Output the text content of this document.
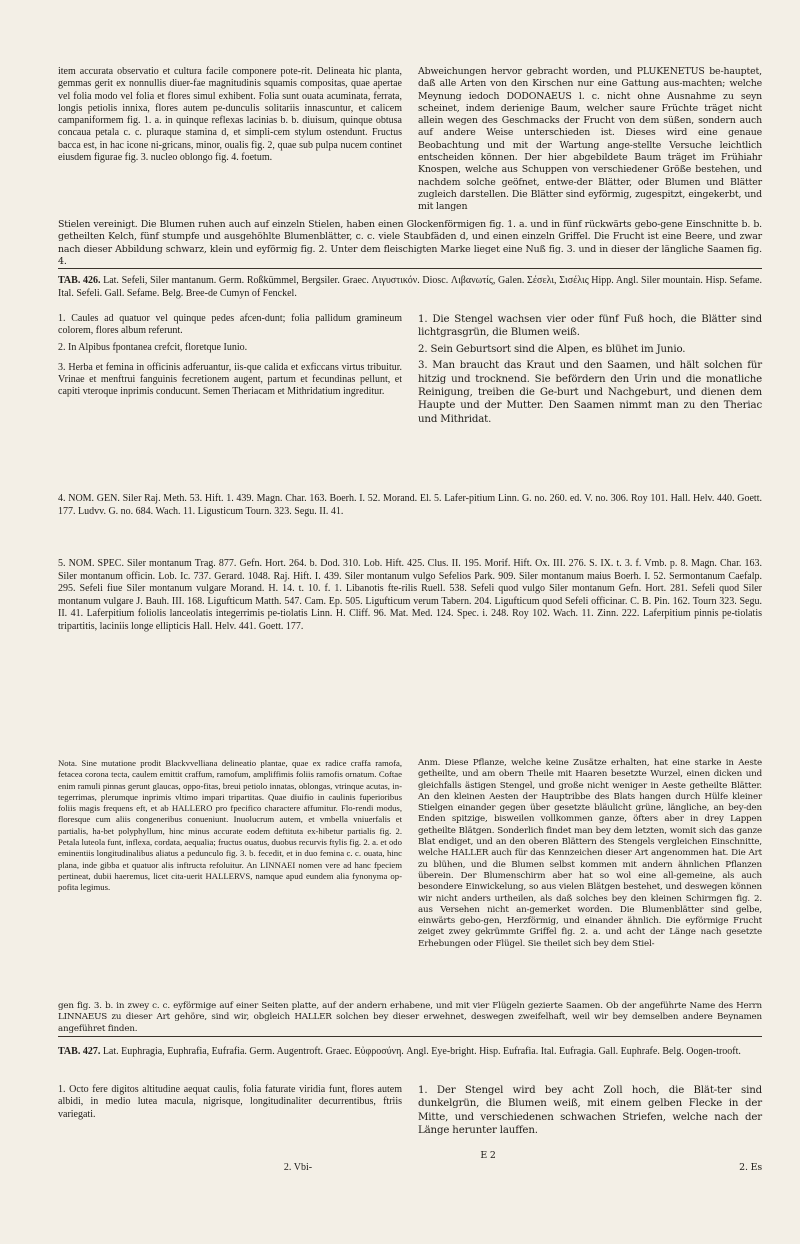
item accurata observatio et cultura facile componere pote-rit. Delineata hic planta, gemmas gerit ex nonnullis diuer-fae magnitudinis squamis compositas, quae apertae vel folia modo vel folia et flores simul exhibent. Folia sunt ouata acuminata, ferrata, longis petiolis innixa, flores autem pe-dunculis solitariis innascuntur, et calicem campaniformem fig. 1. a. in quinque reflexas lacinias b. b. diuisum, quinque obtusa concaua petala c. c. pluraque stamina d, et simpli-cem stylum ostendunt. Fructus bacca est, in hac icone ni-gricans, minor, oualis fig. 2, quae sub pulpa nucem continet eiusdem figurae fig. 3. nucleo oblongo fig. 4. foetum.
Abweichungen hervor gebracht worden, und PLUKENETUS be-hauptet, daß alle Arten von den Kirschen nur eine Gattung aus-machten; welche Meynung iedoch DODONAEUS l. c. nicht ohne Ausnahme zu seyn scheinet, indem derienige Baum, welcher saure Früchte träget nicht allein wegen des Geschmacks der Frucht von dem süßen, sondern auch auf andere Weise unterschieden ist. Dieses wird eine genaue Beobachtung und mit der Wartung ange-stellte Versuche leichtlich entscheiden können. Der hier abgebildete Baum träget im Frühiahr Knospen, welche aus Schuppen von verschiedener Größe bestehen, und nachdem solche geöfnet, entwe-der Blätter, oder Blumen und Blätter zugleich darstellen. Die Blätter sind eyförmig, zugespitzt, eingekerbt, und mit langen
Stielen vereinigt. Die Blumen ruhen auch auf einzeln Stielen, haben einen Glockenförmigen fig. 1. a. und in fünf rückwärts gebo-gene Einschnitte b. b. getheilten Kelch, fünf stumpfe und ausgehöhlte Blumenblätter, c. c. viele Staubfäden d, und einen einzeln Griffel. Die Frucht ist eine Beere, und zwar nach dieser Abbildung schwarz, klein und eyförmig fig. 2. Unter dem fleischigten Marke lieget eine Nuß fig. 3. und in dieser der längliche Saamen fig. 4.
TAB. 426. Lat. Sefeli, Siler mantanum. Germ. Roßkümmel, Bergsiler. Graec. Λιγυστικόν. Diosc. Λιβανωτίς, Galen. Σέσελι, Σισέλις Hipp. Angl. Siler mountain. Hisp. Sefame. Ital. Sefeli. Gall. Sefame. Belg. Bree-de Cumyn of Fenckel.

1. Caules ad quatuor vel quinque pedes afcen-dunt; folia pallidum gramineum colorem, flores album referunt.

2. In Alpibus fpontanea crefcit, floretque Iunio.

3. Herba et femina in officinis adferuantur, iis-que calida et exficcans virtus tribuitur. Vrinae et menftrui fanguinis fecretionem augent, partum et fecundinas pellunt, et capiti vteroque inprimis conducunt. Semen Theriacam et Mithridatium ingreditur.

1. Die Stengel wachsen vier oder fünf Fuß hoch, die Blätter sind lichtgrasgrün, die Blumen weiß.

2. Sein Geburtsort sind die Alpen, es blühet im Junio.

3. Man braucht das Kraut und den Saamen, und hält solchen für hitzig und trocknend. Sie befördern den Urin und die monatliche Reinigung, treiben die Ge-burt und Nachgeburt, und dienen dem Haupte und der Mutter. Den Saamen nimmt man zu den Theriac und Mithridat.

4. NOM. GEN. Siler Raj. Meth. 53. Hift. 1. 439. Magn. Char. 163. Boerh. I. 52. Morand. El. 5. Lafer-pitium Linn. G. no. 260. ed. V. no. 306. Roy 101. Hall. Helv. 440. Goett. 177. Ludvv. G. no. 684. Wach. 11. Ligusticum Tourn. 323. Segu. II. 41.
5. NOM. SPEC. Siler montanum Trag. 877. Gefn. Hort. 264. b. Dod. 310. Lob. Hift. 425. Clus. II. 195. Morif. Hift. Ox. III. 276. S. IX. t. 3. f. Vmb. p. 8. Magn. Char. 163. Siler montanum officin. Lob. Ic. 737. Gerard. 1048. Raj. Hift. I. 439. Siler montanum vulgo Sefelios Park. 909. Siler montanum maius Boerh. I. 52. Sermontanum Caefalp. 295. Sefeli fiue Siler montanum vulgare Morand. H. 14. t. 10. f. 1. Libanotis fte-rilis Ruell. 538. Sefeli quod vulgo Siler montanum Gefn. Hort. 281. Sefeli quod Siler montanum vulgare J. Bauh. III. 168. Ligufticum Matth. 547. Cam. Ep. 505. Ligufticum verum Tabern. 204. Ligufticum quod Sefeli officinar. C. B. Pin. 162. Tourn 323. Segu. II. 41. Laferpitium foliolis lanceolatis integerrimis pe-tiolatis Linn. H. Cliff. 96. Mat. Med. 124. Spec. i. 248. Roy 102. Wach. 11. Zinn. 222. Laferpitium pinnis pe-tiolatis tripartitis, laciniis longe ellipticis Hall. Helv. 441. Goett. 177.
Nota. Sine mutatione prodit Blackvvelliana delineatio plantae, quae ex radice craffa ramofa, fetacea corona tecta, caulem emittit craffum, ramofum, ampliffimis foliis ramofis ornatum. Coftae enim ramuli pinnas gerunt glaucas, oppo-fitas, breui petiolo innatas, oblongas, vtrinque acutas, in-tegerrimas, plerumque inprimis vltimo impari tripartitas. Quae diuifio in caulinis fuperioribus foliis magis frequens eft, et ab HALLERO pro fpecifico charactere affumitur. Flo-rendi modus, floresque cum aliis congeneribus conueniunt. Inuolucrum autem, et vmbella vniuerfalis et partialis, ha-bet polyphyllum, hinc minus accurate eodem deftituta ex-hibetur partialis fig. 2. Petala luteola funt, inflexa, cordata, aequalia; fructus ouatus, duobus recurvis ftylis fig. 2. a. et odo eminentiis longitudinalibus aliatus a pedunculo fig. 3. b. fecedit, et in duo femina c. c. ouata, hinc plana, inde gibba et quatuor alis inftructa refoluitur. An LINNAEI nomen vere ad hanc fpeciem pertineat, dubii haeremus, licet cita-uerit HALLERVS, namque apud eundem alia fynonyma op-pofita legimus.
Anm. Diese Pflanze, welche keine Zusätze erhalten, hat eine starke in Aeste getheilte, und am obern Theile mit Haaren besetzte Wurzel, einen dicken und gleichfalls ästigen Stengel, und große nicht weniger in Aeste getheilte Blätter. An den kleinen Aesten der Hauptribbe des Blats hangen durch Hülfe kleiner Stielgen einander gegen über gesetzte bläulicht grüne, längliche, an bey-den Enden spitzige, bisweilen vollkommen ganze, öfters aber in drey Lappen getheilte Blätgen. Sonderlich findet man bey dem letzten, womit sich das ganze Blat endiget, und an den oberen Blättern des Stengels vergleichen Einschnitte, welche HALLER auch für das Kennzeichen dieser Art angenommen hat. Die Art zu blühen, und die Blumen selbst kommen mit andern ähnlichen Pflanzen überein. Der Blumenschirm aber hat so wol eine all-gemeine, als auch besondere Einwickelung, so aus vielen Blätgen bestehet, und deswegen können wir nicht anders urtheilen, als daß solches bey den kleinen Schirmgen fig. 2. aus Versehen nicht an-gemerket worden. Die Blumenblätter sind gelbe, einwärts gebo-gen, Herzförmig, und einander ähnlich. Die eyförmige Frucht zeiget zwey gekrümmte Griffel fig. 2. a. und acht der Länge nach gesetzte Erhebungen oder Flügel. Sie theilet sich bey dem Stiel-
gen fig. 3. b. in zwey c. c. eyförmige auf einer Seiten platte, auf der andern erhabene, und mit vier Flügeln gezierte Saamen. Ob der angeführte Name des Herrn LINNAEUS zu dieser Art gehöre, sind wir, obgleich HALLER solchen bey dieser erwehnet, deswegen zweifelhaft, weil wir bey demselben andere Beynamen angeführet finden.
TAB. 427. Lat. Euphragia, Euphrafia, Eufrafia. Germ. Augentroft. Graec. Εὐφροσύνη. Angl. Eye-bright. Hisp. Eufrafia. Ital. Eufragia. Gall. Euphrafe. Belg. Oogen-trooft.
1. Octo fere digitos altitudine aequat caulis, folia faturate viridia funt, flores autem albidi, in medio lutea macula, nigrisque, longitudinaliter decurrentibus, ftriis variegati.
1. Der Stengel wird bey acht Zoll hoch, die Blät-ter sind dunkelgrün, die Blumen weiß, mit einem gelben Flecke in der Mitte, und verschiedenen schwachen Striefen, welche nach der Länge herunter lauffen.
2. Vbi-
E 2
2. Es
